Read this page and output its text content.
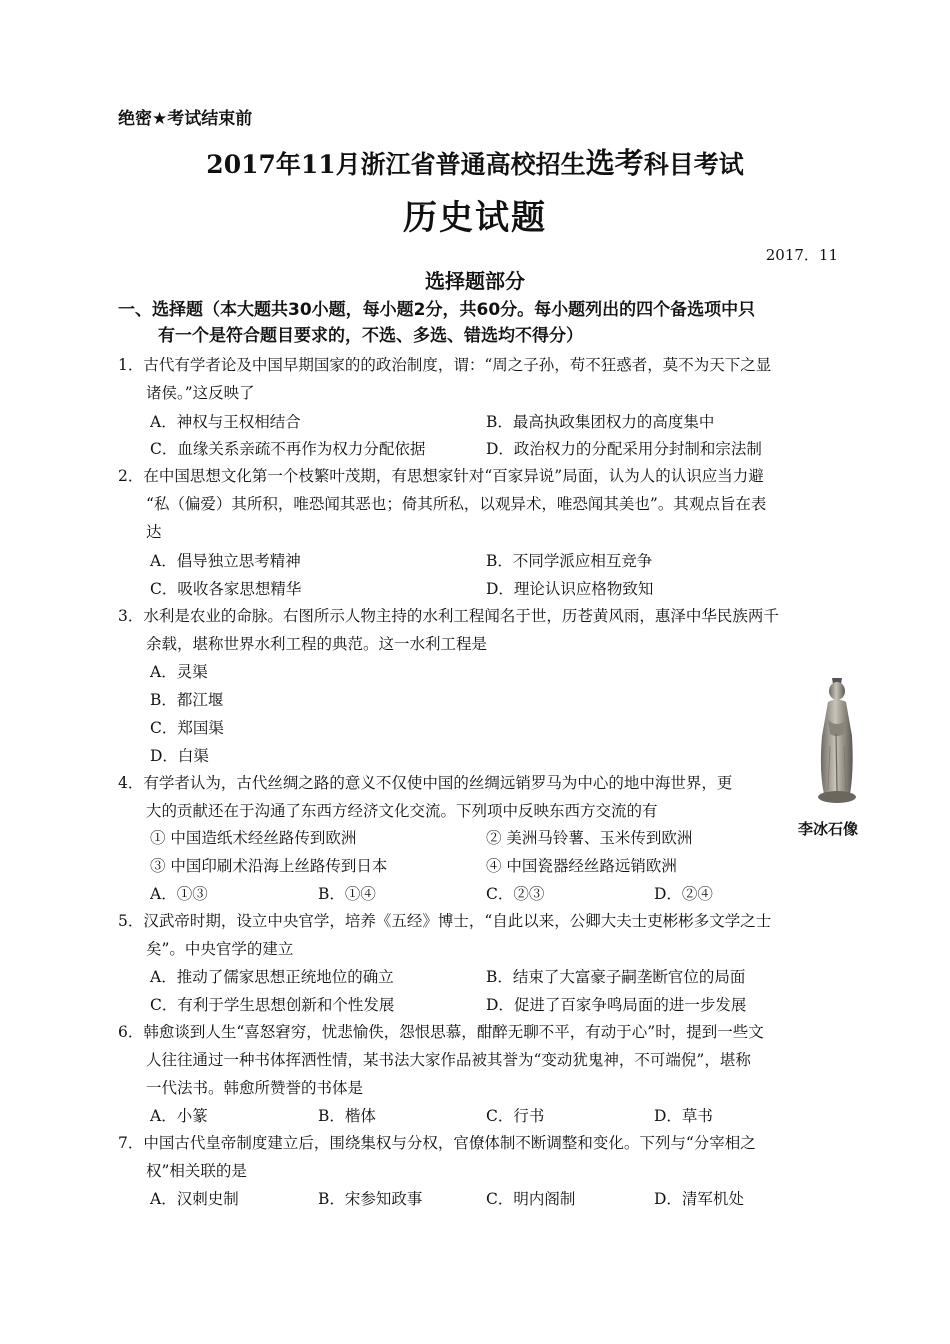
绝密★考试结束前
2017年11月浙江省普通高校招生选考科目考试
历史试题
2017．11
选择题部分
一、选择题（本大题共30小题，每小题2分，共60分。每小题列出的四个备选项中只
有一个是符合题目要求的，不选、多选、错选均不得分）
1．古代有学者论及中国早期国家的的政治制度，谓：“周之子孙，苟不狂惑者，莫不为天下之显
诸侯。”这反映了
A．神权与王权相结合	B．最高执政集团权力的高度集中
C．血缘关系亲疏不再作为权力分配依据	D．政治权力的分配采用分封制和宗法制
2．在中国思想文化第一个枝繁叶茂期，有思想家针对“百家异说”局面，认为人的认识应当力避
“私（偏爱）其所积，唯恐闻其恶也；倚其所私，以观异术，唯恐闻其美也”。其观点旨在表
达
A．倡导独立思考精神	B．不同学派应相互竞争
C．吸收各家思想精华	D．理论认识应格物致知
3．水利是农业的命脉。右图所示人物主持的水利工程闻名于世，历苍黄风雨，惠泽中华民族两千
余载，堪称世界水利工程的典范。这一水利工程是
A．灵渠
B．都江堰
C．郑国渠
D．白渠
李冰石像
4．有学者认为，古代丝绸之路的意义不仅使中国的丝绸远销罗马为中心的地中海世界，更
大的贡献还在于沟通了东西方经济文化交流。下列项中反映东西方交流的有
① 中国造纸术经丝路传到欧洲	② 美洲马铃薯、玉米传到欧洲
③ 中国印刷术沿海上丝路传到日本	④ 中国瓷器经丝路远销欧洲
A．①③	B．①④	C．②③	D．②④
5．汉武帝时期，设立中央官学，培养《五经》博士，“自此以来，公卿大夫士吏彬彬多文学之士
矣”。中央官学的建立
A．推动了儒家思想正统地位的确立	B．结束了大富豪子嗣垄断官位的局面
C．有利于学生思想创新和个性发展	D．促进了百家争鸣局面的进一步发展
6．韩愈谈到人生“喜怒窘穷，忧悲愉佚，怨恨思慕，酣醉无聊不平，有动于心”时，提到一些文
人往往通过一种书体挥洒性情，某书法大家作品被其誉为“变动犹鬼神，不可端倪”，堪称
一代法书。韩愈所赞誉的书体是
A．小篆	B．楷体	C．行书	D．草书
7．中国古代皇帝制度建立后，围绕集权与分权，官僚体制不断调整和变化。下列与“分宰相之
权”相关联的是
A．汉刺史制	B．宋参知政事	C．明内阁制	D．清军机处
